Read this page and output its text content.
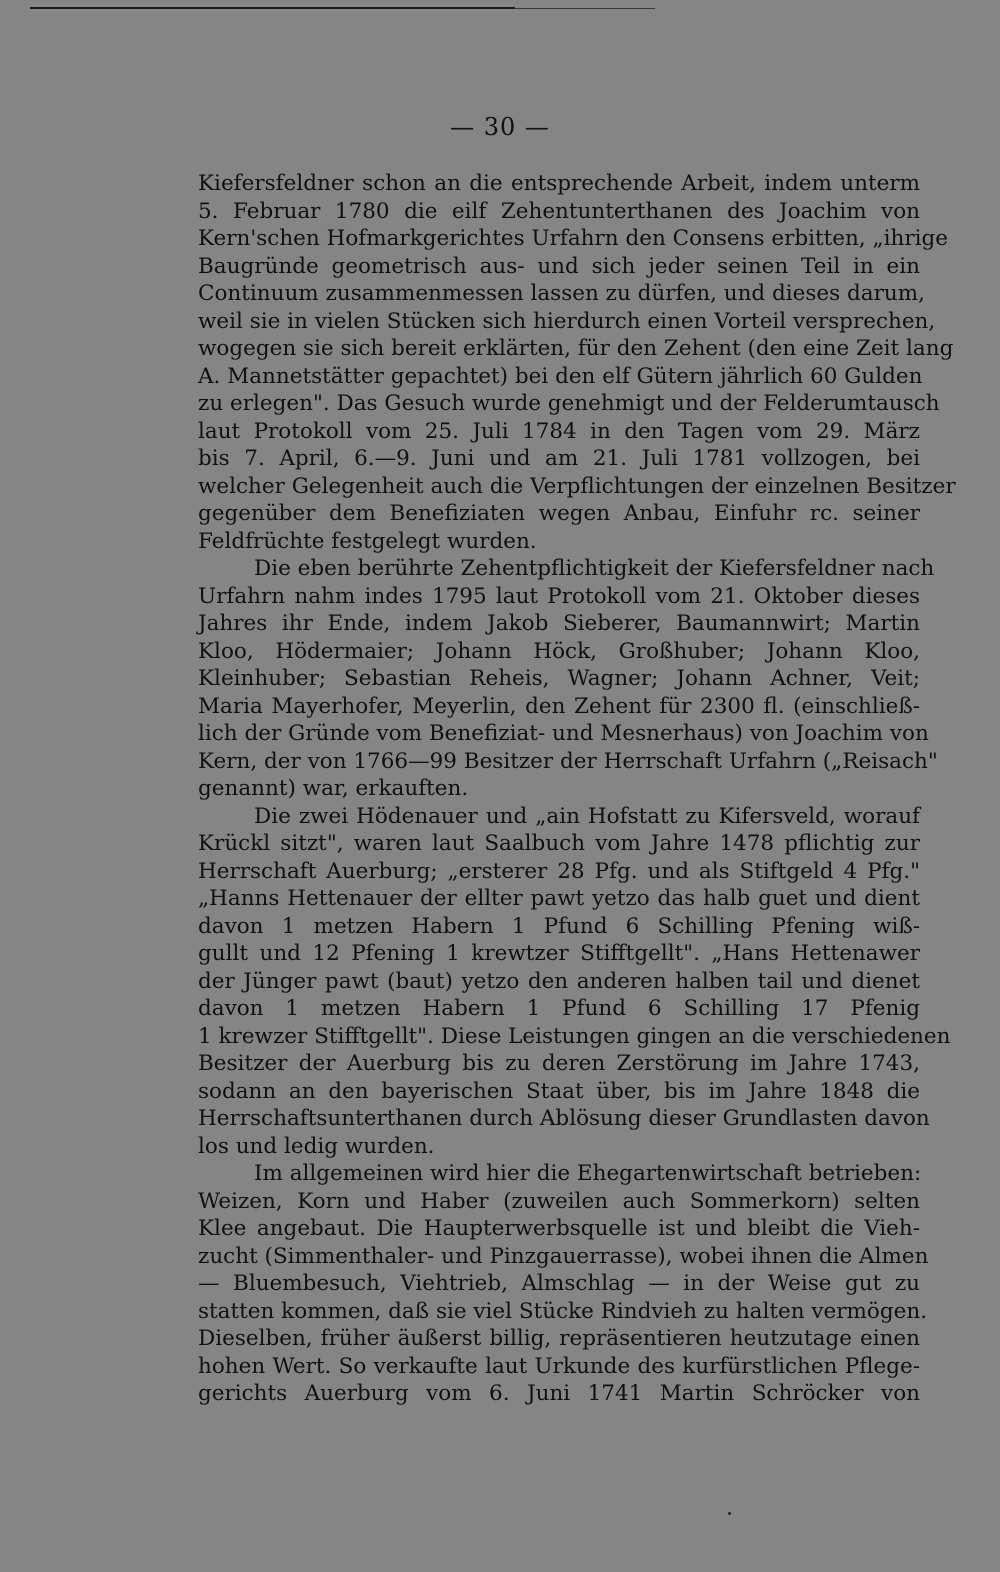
— 30 —
Kiefersfeldner schon an die entsprechende Arbeit, indem unterm
5. Februar 1780 die eilf Zehentunterthanen des Joachim von
Kern'schen Hofmarkgerichtes Urfahrn den Consens erbitten, „ihrige
Baugründe geometrisch aus- und sich jeder seinen Teil in ein
Continuum zusammenmessen lassen zu dürfen, und dieses darum,
weil sie in vielen Stücken sich hierdurch einen Vorteil versprechen,
wogegen sie sich bereit erklärten, für den Zehent (den eine Zeit lang
A. Mannetstätter gepachtet) bei den elf Gütern jährlich 60 Gulden
zu erlegen". Das Gesuch wurde genehmigt und der Felderumtausch
laut Protokoll vom 25. Juli 1784 in den Tagen vom 29. März
bis 7. April, 6.—9. Juni und am 21. Juli 1781 vollzogen, bei
welcher Gelegenheit auch die Verpflichtungen der einzelnen Besitzer
gegenüber dem Benefiziaten wegen Anbau, Einfuhr rc. seiner
Feldfrüchte festgelegt wurden.
Die eben berührte Zehentpflichtigkeit der Kiefersfeldner nach
Urfahrn nahm indes 1795 laut Protokoll vom 21. Oktober dieses
Jahres ihr Ende, indem Jakob Sieberer, Baumannwirt; Martin
Kloo, Hödermaier; Johann Höck, Großhuber; Johann Kloo,
Kleinhuber; Sebastian Reheis, Wagner; Johann Achner, Veit;
Maria Mayerhofer, Meyerlin, den Zehent für 2300 fl. (einschließ-
lich der Gründe vom Benefiziat- und Mesnerhaus) von Joachim von
Kern, der von 1766—99 Besitzer der Herrschaft Urfahrn („Reisach"
genannt) war, erkauften.
Die zwei Hödenauer und „ain Hofstatt zu Kifersveld, worauf
Krückl sitzt", waren laut Saalbuch vom Jahre 1478 pflichtig zur
Herrschaft Auerburg; „ersterer 28 Pfg. und als Stiftgeld 4 Pfg."
„Hanns Hettenauer der ellter pawt yetzo das halb guet und dient
davon 1 metzen Habern 1 Pfund 6 Schilling Pfening wiß-
gullt und 12 Pfening 1 krewtzer Stifftgellt". „Hans Hettenawer
der Jünger pawt (baut) yetzo den anderen halben tail und dienet
davon 1 metzen Habern 1 Pfund 6 Schilling 17 Pfenig
1 krewzer Stifftgellt". Diese Leistungen gingen an die verschiedenen
Besitzer der Auerburg bis zu deren Zerstörung im Jahre 1743,
sodann an den bayerischen Staat über, bis im Jahre 1848 die
Herrschaftsunterthanen durch Ablösung dieser Grundlasten davon
los und ledig wurden.
Im allgemeinen wird hier die Ehegartenwirtschaft betrieben:
Weizen, Korn und Haber (zuweilen auch Sommerkorn) selten
Klee angebaut. Die Haupterwerbsquelle ist und bleibt die Vieh-
zucht (Simmenthaler- und Pinzgauerrasse), wobei ihnen die Almen
— Bluembesuch, Viehtrieb, Almschlag — in der Weise gut zu
statten kommen, daß sie viel Stücke Rindvieh zu halten vermögen.
Dieselben, früher äußerst billig, repräsentieren heutzutage einen
hohen Wert. So verkaufte laut Urkunde des kurfürstlichen Pflege-
gerichts Auerburg vom 6. Juni 1741 Martin Schröcker von
